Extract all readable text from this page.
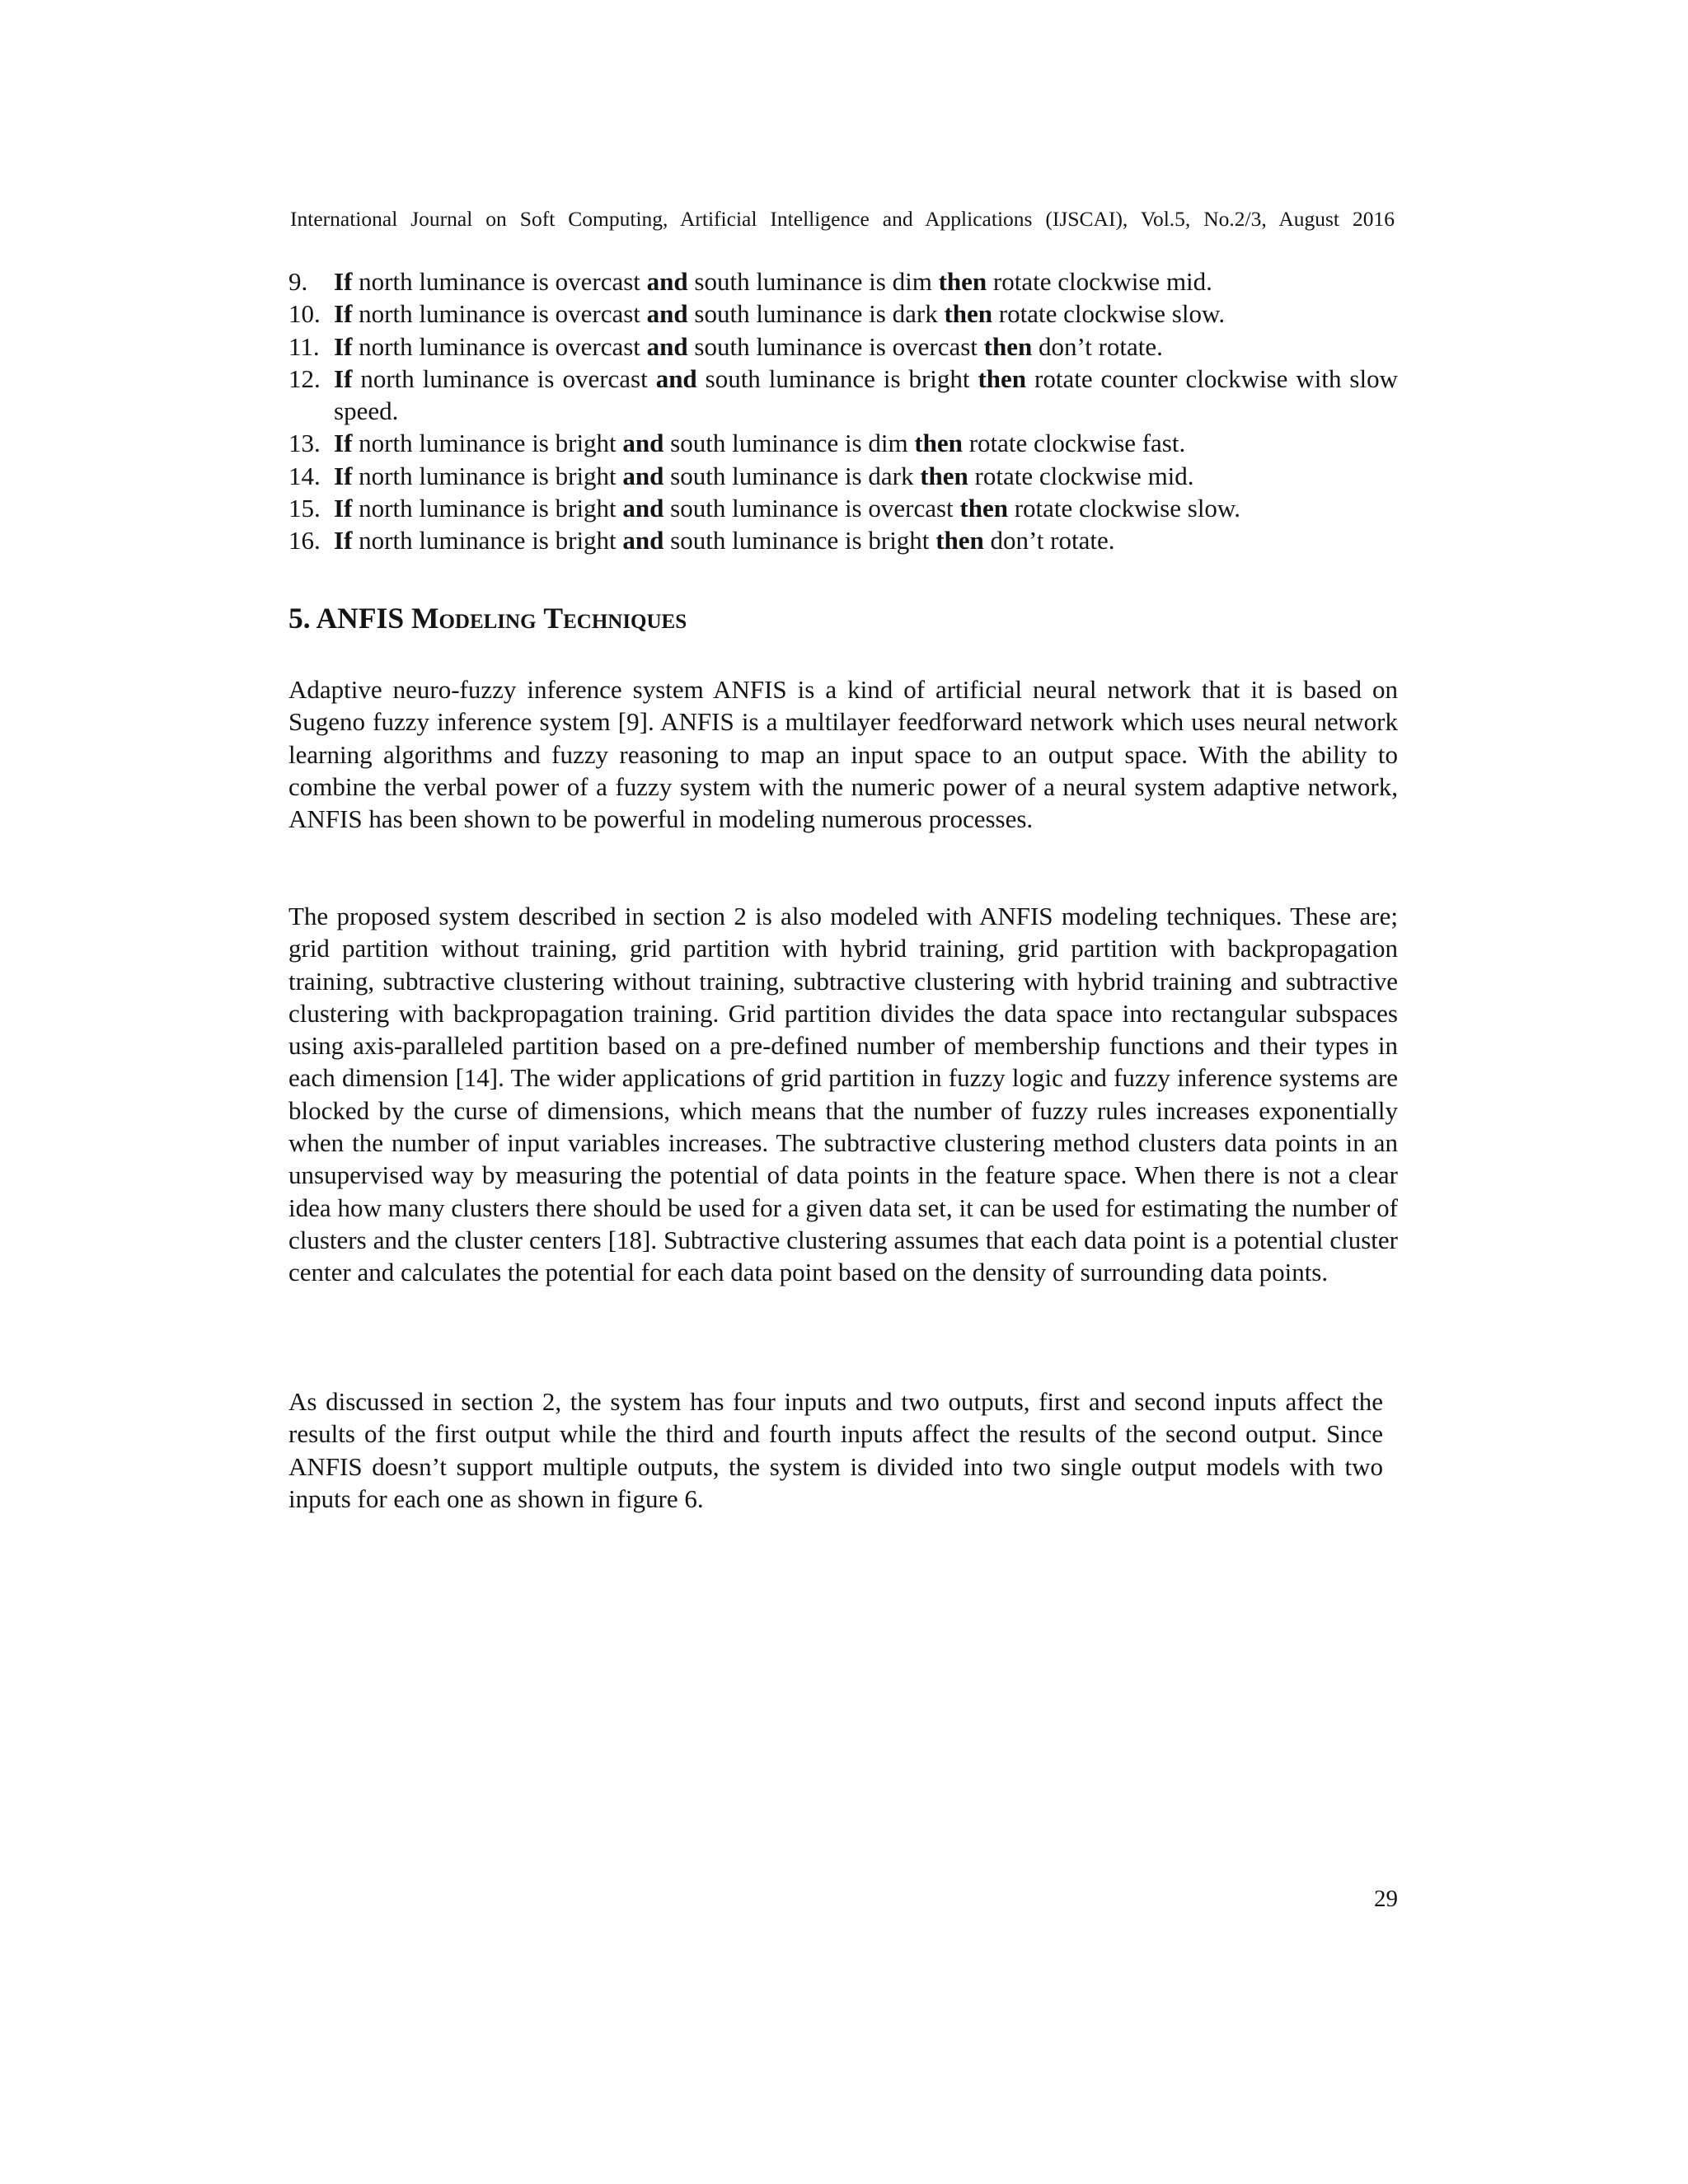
International Journal on Soft Computing, Artificial Intelligence and Applications (IJSCAI), Vol.5, No.2/3, August 2016
9.	If north luminance is overcast and south luminance is dim then rotate clockwise mid.
10. If north luminance is overcast and south luminance is dark then rotate clockwise slow.
11. If north luminance is overcast and south luminance is overcast then don’t rotate.
12. If north luminance is overcast and south luminance is bright then rotate counter clockwise with slow speed.
13. If north luminance is bright and south luminance is dim then rotate clockwise fast.
14. If north luminance is bright and south luminance is dark then rotate clockwise mid.
15. If north luminance is bright and south luminance is overcast then rotate clockwise slow.
16. If north luminance is bright and south luminance is bright then don’t rotate.
5. ANFIS Modeling Techniques

Adaptive neuro-fuzzy inference system ANFIS is a kind of artificial neural network that it is based on Sugeno fuzzy inference system [9]. ANFIS is a multilayer feedforward network which uses neural network learning algorithms and fuzzy reasoning to map an input space to an output space. With the ability to combine the verbal power of a fuzzy system with the numeric power of a neural system adaptive network, ANFIS has been shown to be powerful in modeling numerous processes.

The proposed system described in section 2 is also modeled with ANFIS modeling techniques. These are; grid partition without training, grid partition with hybrid training, grid partition with backpropagation training, subtractive clustering without training, subtractive clustering with hybrid training and subtractive clustering with backpropagation training. Grid partition divides the data space into rectangular subspaces using axis-paralleled partition based on a pre-defined number of membership functions and their types in each dimension [14]. The wider applications of grid partition in fuzzy logic and fuzzy inference systems are blocked by the curse of dimensions, which means that the number of fuzzy rules increases exponentially when the number of input variables increases. The subtractive clustering method clusters data points in an unsupervised way by measuring the potential of data points in the feature space. When there is not a clear idea how many clusters there should be used for a given data set, it can be used for estimating the number of clusters and the cluster centers [18]. Subtractive clustering assumes that each data point is a potential cluster center and calculates the potential for each data point based on the density of surrounding data points.

As discussed in section 2, the system has four inputs and two outputs, first and second inputs affect the results of the first output while the third and fourth inputs affect the results of the second output. Since ANFIS doesn’t support multiple outputs, the system is divided into two single output models with two inputs for each one as shown in figure 6.

29
